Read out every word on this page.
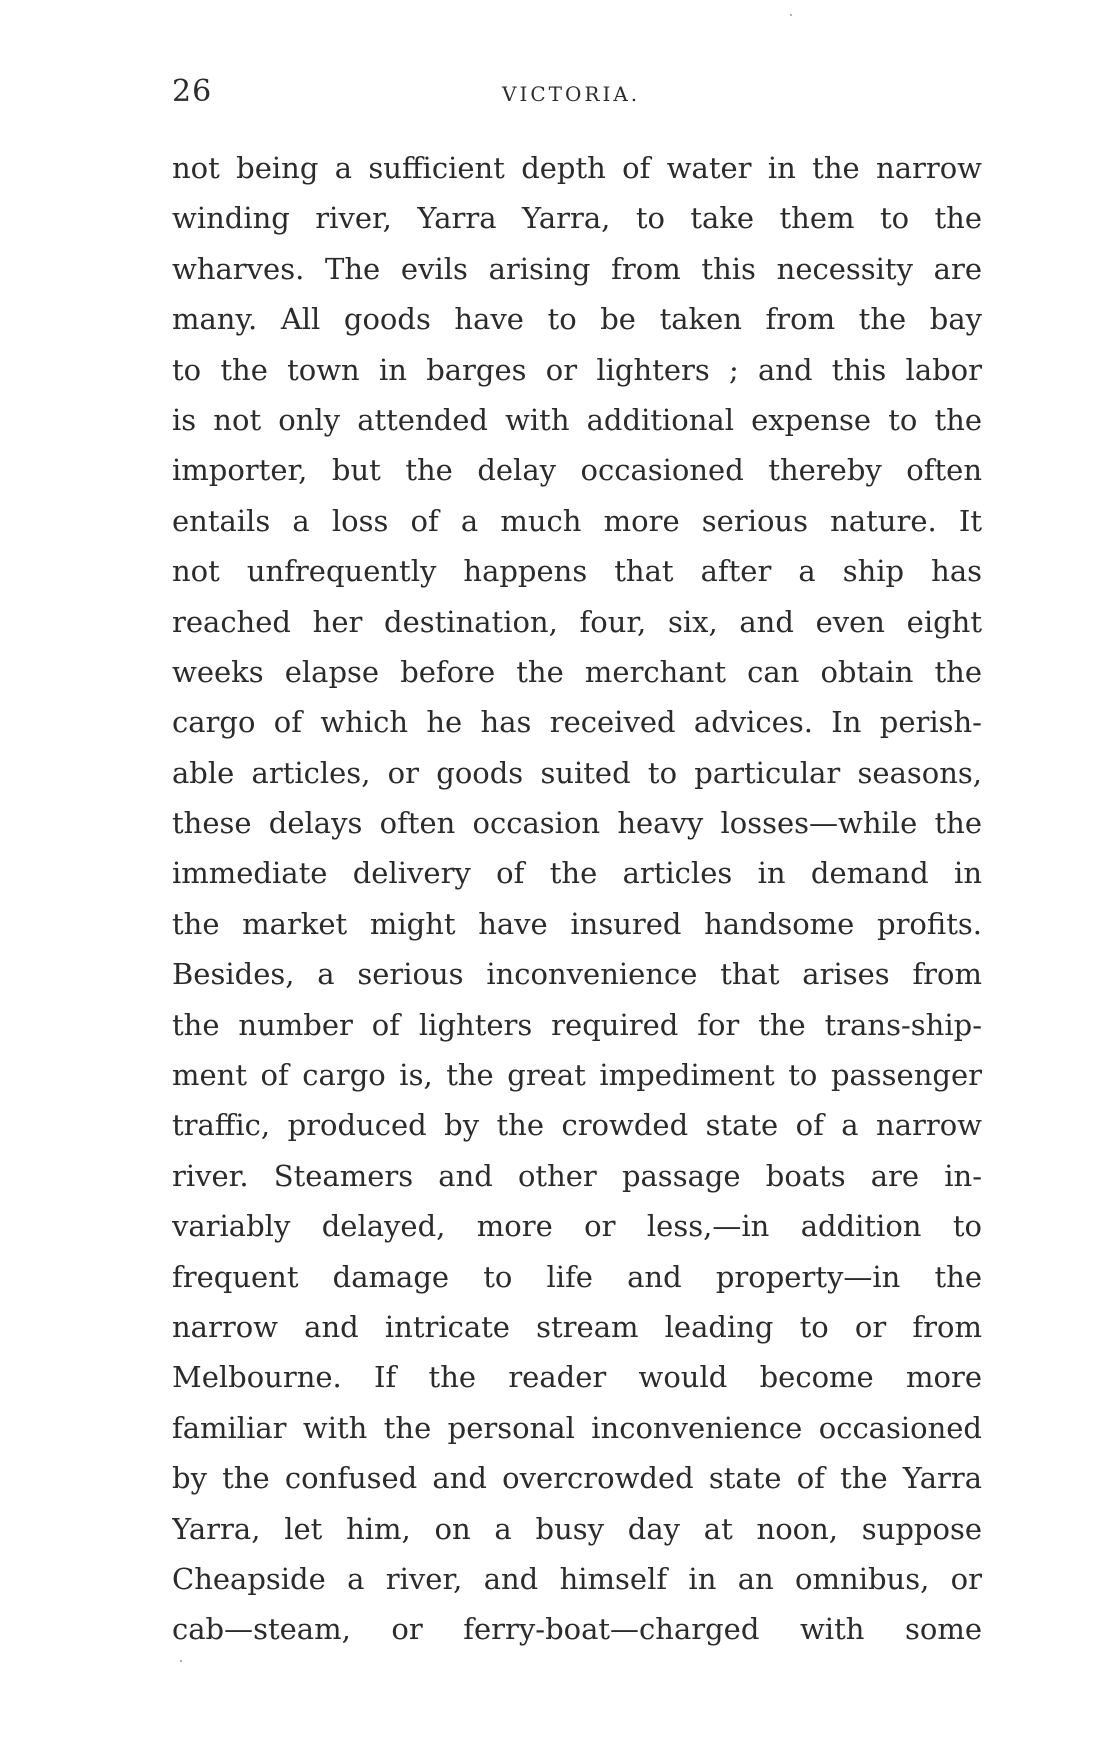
26	VICTORIA.
not being a sufficient depth of water in the narrow
winding river, Yarra Yarra, to take them to the
wharves. The evils arising from this necessity are
many. All goods have to be taken from the bay
to the town in barges or lighters ; and this labor
is not only attended with additional expense to the
importer, but the delay occasioned thereby often
entails a loss of a much more serious nature. It
not unfrequently happens that after a ship has
reached her destination, four, six, and even eight
weeks elapse before the merchant can obtain the
cargo of which he has received advices. In perish-
able articles, or goods suited to particular seasons,
these delays often occasion heavy losses—while the
immediate delivery of the articles in demand in
the market might have insured handsome profits.
Besides, a serious inconvenience that arises from
the number of lighters required for the trans-ship-
ment of cargo is, the great impediment to passenger
traffic, produced by the crowded state of a narrow
river. Steamers and other passage boats are in-
variably delayed, more or less,—in addition to
frequent damage to life and property—in the
narrow and intricate stream leading to or from
Melbourne. If the reader would become more
familiar with the personal inconvenience occasioned
by the confused and overcrowded state of the Yarra
Yarra, let him, on a busy day at noon, suppose
Cheapside a river, and himself in an omnibus, or
cab—steam, or ferry-boat—charged with some
